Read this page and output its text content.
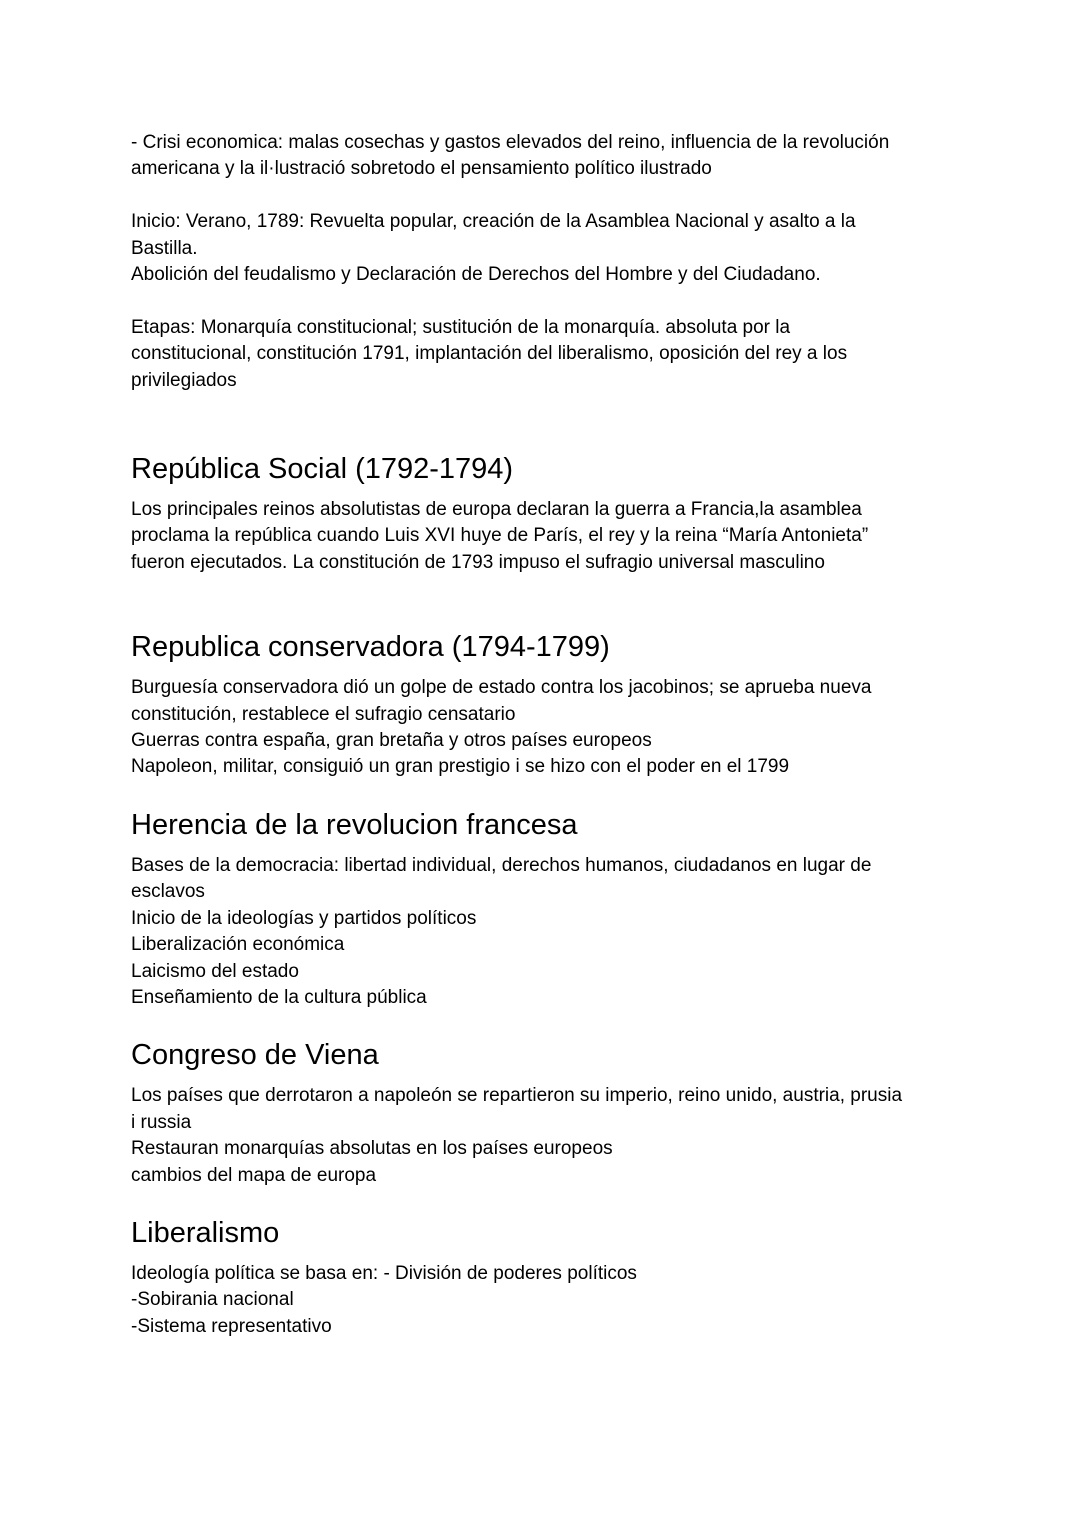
- Crisi economica: malas cosechas y gastos elevados del reino, influencia de la revolución
americana y la il·lustració sobretodo el pensamiento político ilustrado
Inicio: Verano, 1789: Revuelta popular, creación de la Asamblea Nacional y asalto a la
Bastilla.
Abolición del feudalismo y Declaración de Derechos del Hombre y del Ciudadano.
Etapas: Monarquía constitucional; sustitución de la monarquía. absoluta por la
constitucional, constitución 1791, implantación del liberalismo, oposición del rey a los
privilegiados
República Social (1792-1794)
Los principales reinos absolutistas de europa declaran la guerra a Francia,la asamblea
proclama la república cuando Luis XVI huye de París, el rey y la reina “María Antonieta”
fueron ejecutados. La constitución de 1793 impuso el sufragio universal masculino
Republica conservadora (1794-1799)
Burguesía conservadora dió un golpe de estado contra los jacobinos; se aprueba nueva
constitución, restablece el sufragio censatario
Guerras contra españa, gran bretaña y otros países europeos
Napoleon, militar, consiguió un gran prestigio i se hizo con el poder en el 1799
Herencia de la revolucion francesa
Bases de la democracia: libertad individual, derechos humanos, ciudadanos en lugar de
esclavos
Inicio de la ideologías y partidos políticos
Liberalización económica
Laicismo del estado
Enseñamiento de la cultura pública
Congreso de Viena
Los países que derrotaron a napoleón se repartieron su imperio, reino unido, austria, prusia
i russia
Restauran monarquías absolutas en los países europeos
cambios del mapa de europa
Liberalismo
Ideología política se basa en: - División de poderes políticos
-Sobirania nacional
-Sistema representativo
